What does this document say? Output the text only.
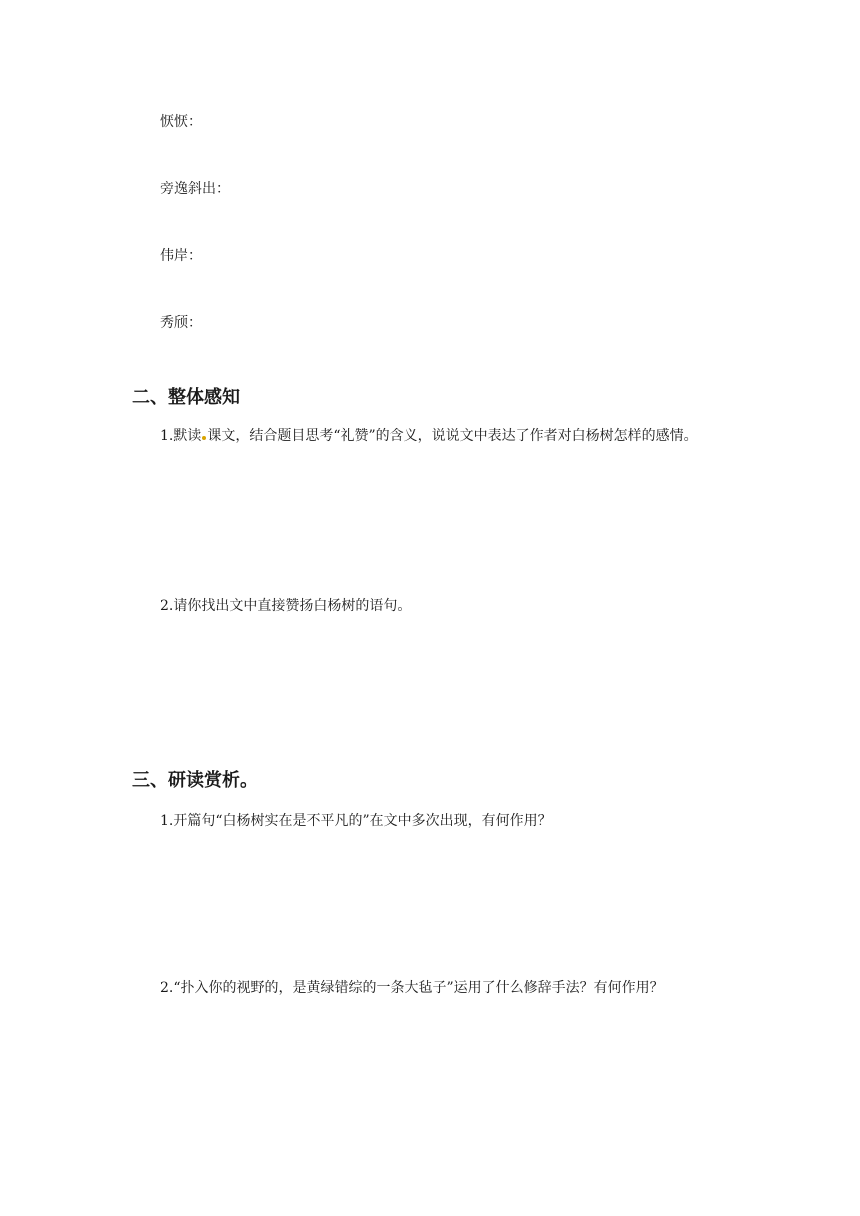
恹恹：
旁逸斜出：
伟岸：
秀颀：
二、整体感知
1.默读 课文，结合题目思考“礼赞”的含义，说说文中表达了作者对白杨树怎样的感情。
2.请你找出文中直接赞扬白杨树的语句。
三、研读赏析。
1.开篇句“白杨树实在是不平凡的”在文中多次出现，有何作用？
2.“扑入你的视野的，是黄绿错综的一条大毡子”运用了什么修辞手法？有何作用？
